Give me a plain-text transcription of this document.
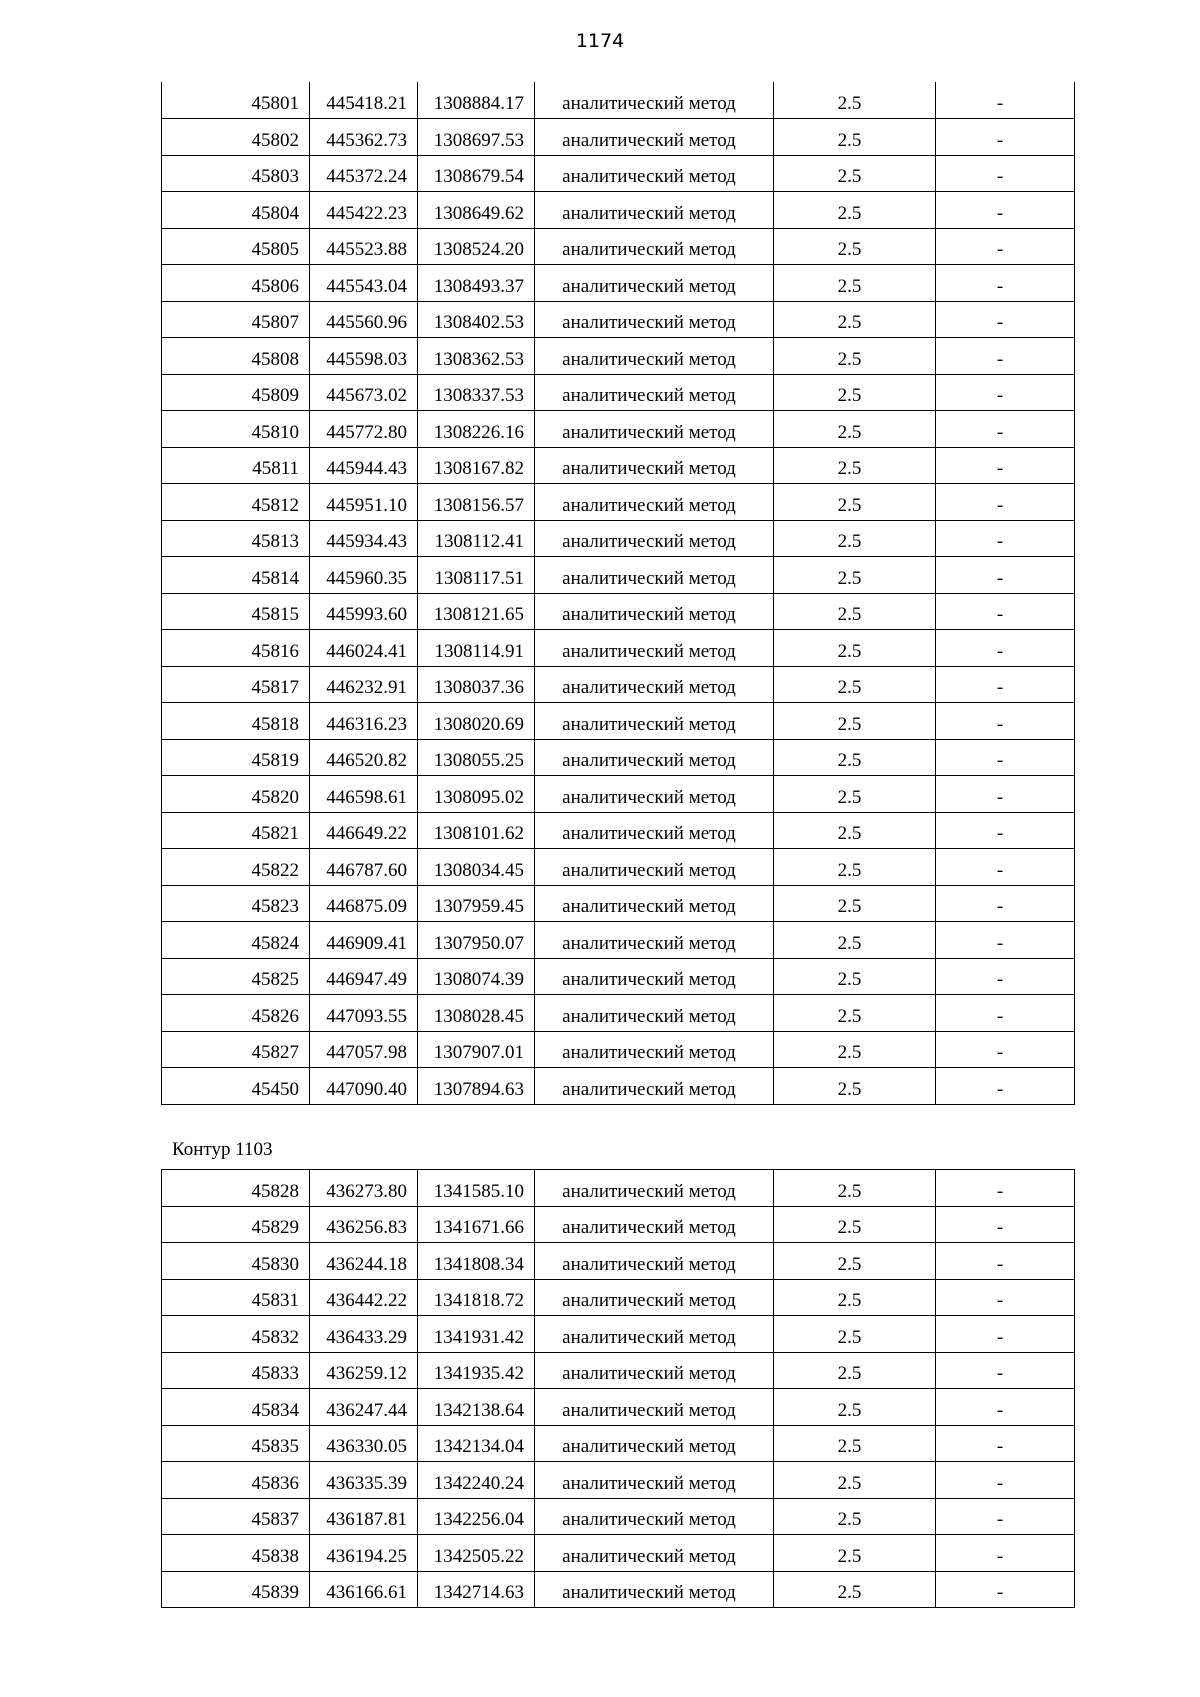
1174
45801	445418.21	1308884.17	аналитический метод	2.5	-
45802	445362.73	1308697.53	аналитический метод	2.5	-
45803	445372.24	1308679.54	аналитический метод	2.5	-
45804	445422.23	1308649.62	аналитический метод	2.5	-
45805	445523.88	1308524.20	аналитический метод	2.5	-
45806	445543.04	1308493.37	аналитический метод	2.5	-
45807	445560.96	1308402.53	аналитический метод	2.5	-
45808	445598.03	1308362.53	аналитический метод	2.5	-
45809	445673.02	1308337.53	аналитический метод	2.5	-
45810	445772.80	1308226.16	аналитический метод	2.5	-
45811	445944.43	1308167.82	аналитический метод	2.5	-
45812	445951.10	1308156.57	аналитический метод	2.5	-
45813	445934.43	1308112.41	аналитический метод	2.5	-
45814	445960.35	1308117.51	аналитический метод	2.5	-
45815	445993.60	1308121.65	аналитический метод	2.5	-
45816	446024.41	1308114.91	аналитический метод	2.5	-
45817	446232.91	1308037.36	аналитический метод	2.5	-
45818	446316.23	1308020.69	аналитический метод	2.5	-
45819	446520.82	1308055.25	аналитический метод	2.5	-
45820	446598.61	1308095.02	аналитический метод	2.5	-
45821	446649.22	1308101.62	аналитический метод	2.5	-
45822	446787.60	1308034.45	аналитический метод	2.5	-
45823	446875.09	1307959.45	аналитический метод	2.5	-
45824	446909.41	1307950.07	аналитический метод	2.5	-
45825	446947.49	1308074.39	аналитический метод	2.5	-
45826	447093.55	1308028.45	аналитический метод	2.5	-
45827	447057.98	1307907.01	аналитический метод	2.5	-
45450	447090.40	1307894.63	аналитический метод	2.5	-
Контур 1103
45828	436273.80	1341585.10	аналитический метод	2.5	-
45829	436256.83	1341671.66	аналитический метод	2.5	-
45830	436244.18	1341808.34	аналитический метод	2.5	-
45831	436442.22	1341818.72	аналитический метод	2.5	-
45832	436433.29	1341931.42	аналитический метод	2.5	-
45833	436259.12	1341935.42	аналитический метод	2.5	-
45834	436247.44	1342138.64	аналитический метод	2.5	-
45835	436330.05	1342134.04	аналитический метод	2.5	-
45836	436335.39	1342240.24	аналитический метод	2.5	-
45837	436187.81	1342256.04	аналитический метод	2.5	-
45838	436194.25	1342505.22	аналитический метод	2.5	-
45839	436166.61	1342714.63	аналитический метод	2.5	-
